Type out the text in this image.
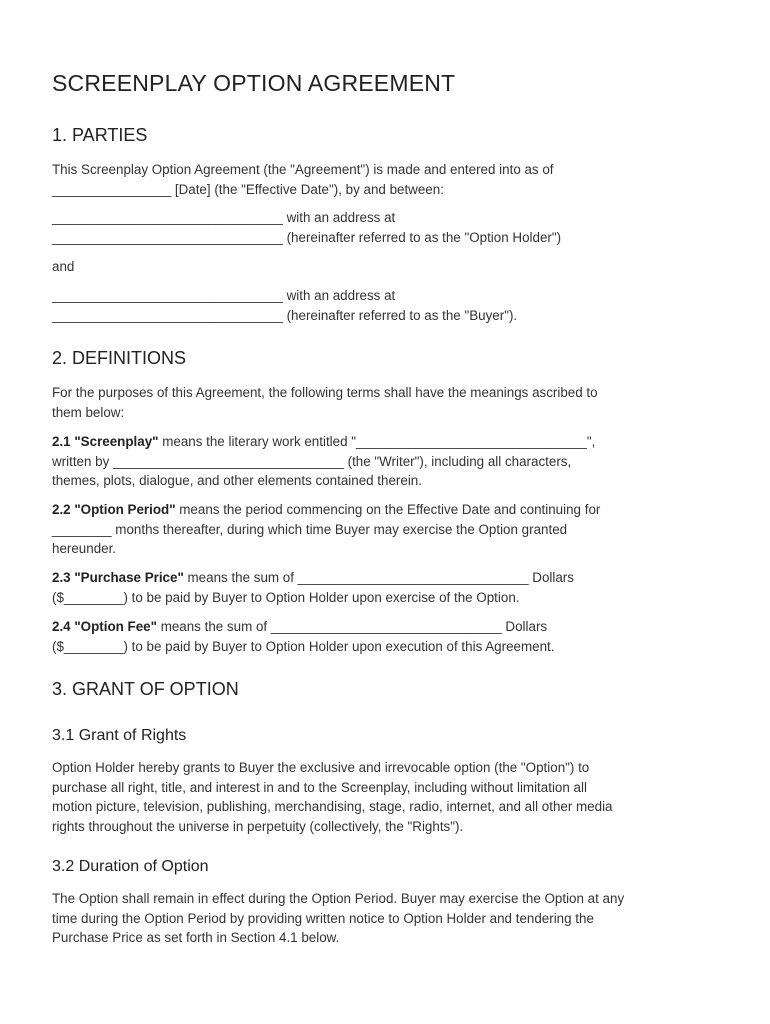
SCREENPLAY OPTION AGREEMENT
1. PARTIES
This Screenplay Option Agreement (the "Agreement") is made and entered into as of
________________ [Date] (the "Effective Date"), by and between:
_______________________________ with an address at
_______________________________ (hereinafter referred to as the "Option Holder")
and
_______________________________ with an address at
_______________________________ (hereinafter referred to as the "Buyer").
2. DEFINITIONS
For the purposes of this Agreement, the following terms shall have the meanings ascribed to
them below:
2.1 "Screenplay" means the literary work entitled "_______________________________",
written by _______________________________ (the "Writer"), including all characters,
themes, plots, dialogue, and other elements contained therein.
2.2 "Option Period" means the period commencing on the Effective Date and continuing for
________ months thereafter, during which time Buyer may exercise the Option granted
hereunder.
2.3 "Purchase Price" means the sum of _______________________________ Dollars
($________) to be paid by Buyer to Option Holder upon exercise of the Option.
2.4 "Option Fee" means the sum of _______________________________ Dollars
($________) to be paid by Buyer to Option Holder upon execution of this Agreement.
3. GRANT OF OPTION
3.1 Grant of Rights
Option Holder hereby grants to Buyer the exclusive and irrevocable option (the "Option") to
purchase all right, title, and interest in and to the Screenplay, including without limitation all
motion picture, television, publishing, merchandising, stage, radio, internet, and all other media
rights throughout the universe in perpetuity (collectively, the "Rights").
3.2 Duration of Option
The Option shall remain in effect during the Option Period. Buyer may exercise the Option at any
time during the Option Period by providing written notice to Option Holder and tendering the
Purchase Price as set forth in Section 4.1 below.
